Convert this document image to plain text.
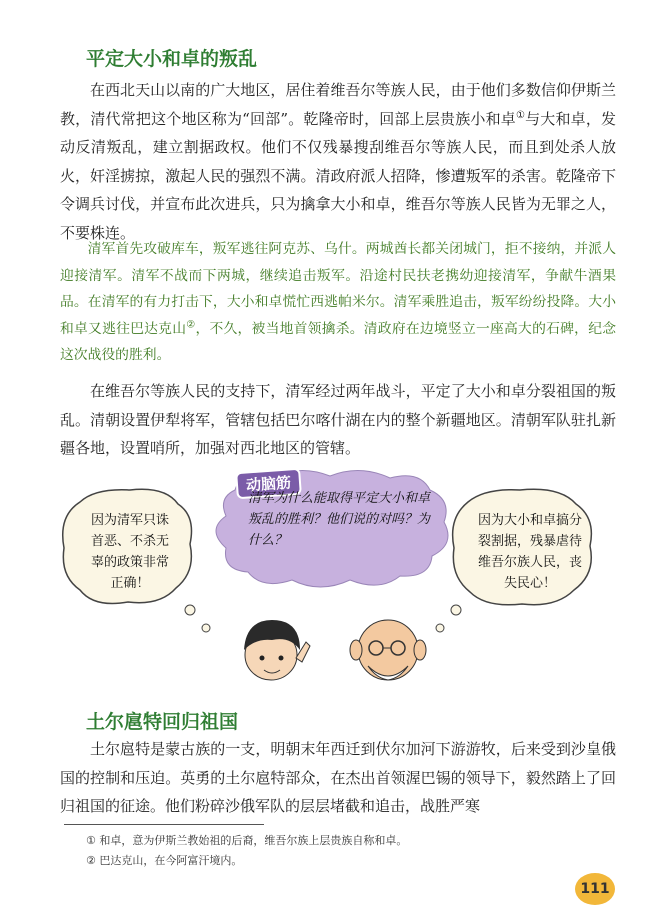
平定大小和卓的叛乱

在西北天山以南的广大地区，居住着维吾尔等族人民，由于他们多数信仰伊斯兰教，清代常把这个地区称为“回部”。乾隆帝时，回部上层贵族小和卓①与大和卓，发动反清叛乱，建立割据政权。他们不仅残暴搜刮维吾尔等族人民，而且到处杀人放火，奸淫掳掠，激起人民的强烈不满。清政府派人招降，惨遭叛军的杀害。乾隆帝下令调兵讨伐，并宣布此次进兵，只为擒拿大小和卓，维吾尔等族人民皆为无罪之人，不要株连。

清军首先攻破库车，叛军逃往阿克苏、乌什。两城酋长都关闭城门，拒不接纳，并派人迎接清军。清军不战而下两城，继续追击叛军。沿途村民扶老携幼迎接清军，争献牛酒果品。在清军的有力打击下，大小和卓慌忙西逃帕米尔。清军乘胜追击，叛军纷纷投降。大小和卓又逃往巴达克山②，不久，被当地首领擒杀。清政府在边境竖立一座高大的石碑，纪念这次战役的胜利。

在维吾尔等族人民的支持下，清军经过两年战斗，平定了大小和卓分裂祖国的叛乱。清朝设置伊犁将军，管辖包括巴尔喀什湖在内的整个新疆地区。清朝军队驻扎新疆各地，设置哨所，加强对西北地区的管辖。

动脑筋
清军为什么能取得平定大小和卓叛乱的胜利？他们说的对吗？为什么？
因为清军只诛首恶、不杀无辜的政策非常正确！
因为大小和卓搞分裂割据，残暴虐待维吾尔族人民，丧失民心！
土尔扈特回归祖国

土尔扈特是蒙古族的一支，明朝末年西迁到伏尔加河下游游牧，后来受到沙皇俄国的控制和压迫。英勇的土尔扈特部众，在杰出首领渥巴锡的领导下，毅然踏上了回归祖国的征途。他们粉碎沙俄军队的层层堵截和追击，战胜严寒

① 和卓，意为伊斯兰教始祖的后裔，维吾尔族上层贵族自称和卓。

② 巴达克山，在今阿富汗境内。

111
